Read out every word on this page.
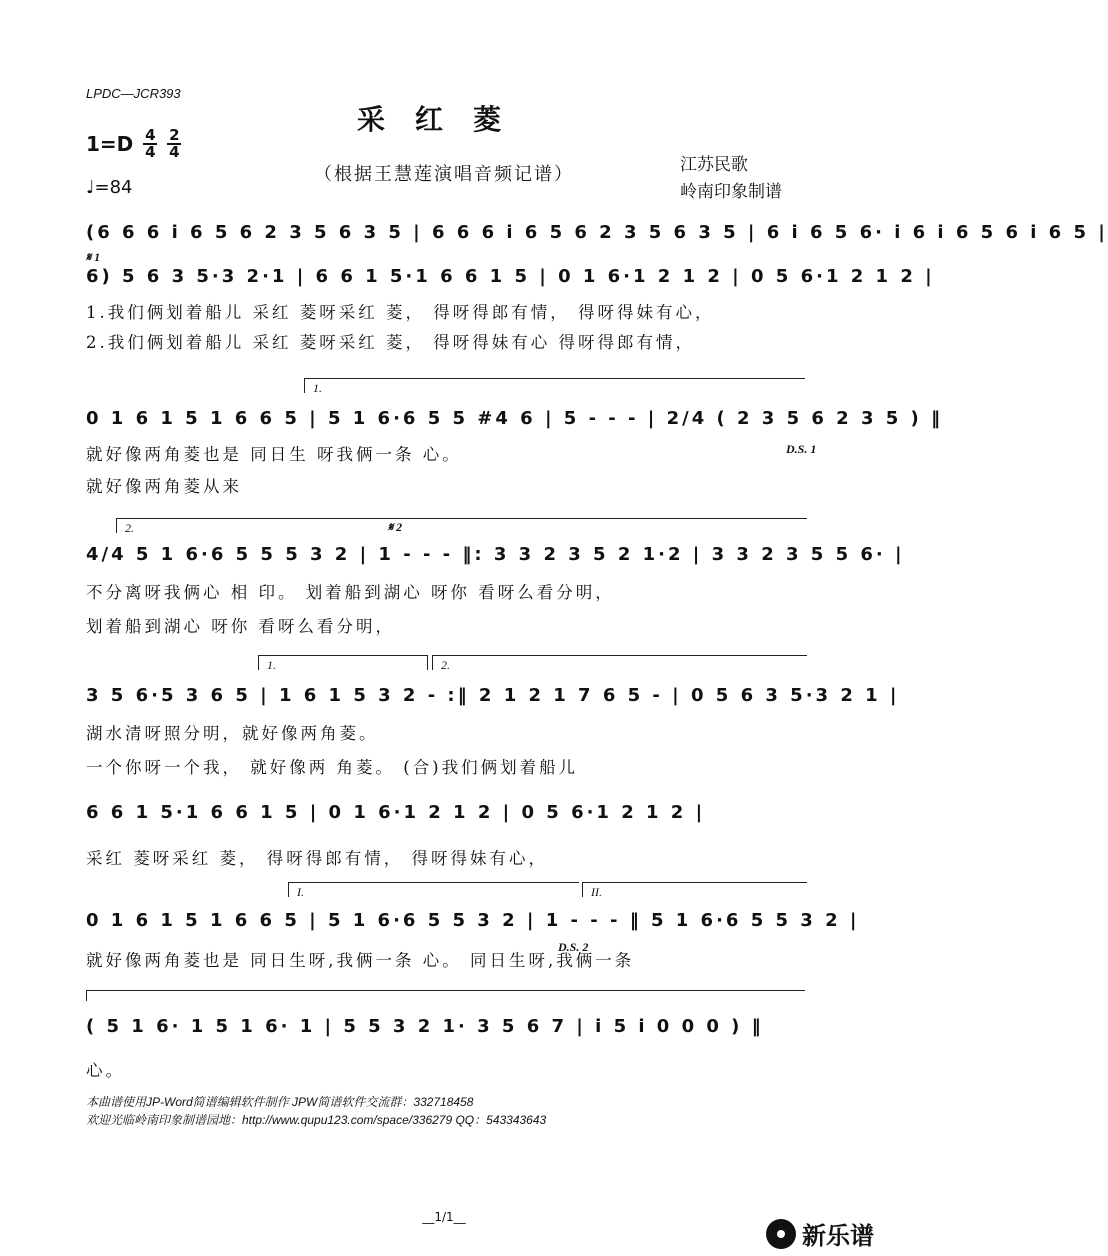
LPDC—JCR393
采红菱
（根据王慧莲演唱音频记谱）
$1=D \frac{4}{4} \frac{2}{4}$
♩=84
江苏民歌
岭南印象制谱
(6 6 6 i 6 5 6 2 3 5 6 3 5 | 6 6 6 i 6 5 6 2 3 5 6 3 5 | 6 i 6 5 6· i 6 i 6 5 6 i 6 5 |
𝄋 1
6) 5 6 3 5·3 2·1 | 6 6 1 5·1 6 6 1 5 | 0 1 6·1 2 1 2 | 0 5 6·1 2 1 2 |
1.我们俩划着船儿 采红 菱呀采红 菱， 得呀得郎有情， 得呀得妹有心，
2.我们俩划着船儿 采红 菱呀采红 菱， 得呀得妹有心 得呀得郎有情，
1.
0 1 6 1 5 1 6 6 5 | 5 1 6·6 5 5 #4 6 | 5 - - - | 2/4 ( 2 3 5 6 2 3 5 ) ‖
D.S. 1
就好像两角菱也是 同日生 呀我俩一条 心。
就好像两角菱从来
2.	𝄋 2
4/4 5 1 6·6 5 5 5 3 2 | 1 - - - ‖: 3 3 2 3 5 2 1·2 | 3 3 2 3 5 5 6· |
不分离呀我俩心 相 印。 划着船到湖心 呀你 看呀么看分明，
划着船到湖心 呀你 看呀么看分明，
1.	2.
3 5 6·5 3 6 5 | 1 6 1 5 3 2 - :‖ 2 1 2 1 7 6 5 - | 0 5 6 3 5·3 2 1 |
湖水清呀照分明，就好像两角菱。
一个你呀一个我， 就好像两 角菱。 (合)我们俩划着船儿
6 6 1 5·1 6 6 1 5 | 0 1 6·1 2 1 2 | 0 5 6·1 2 1 2 |
采红 菱呀采红 菱， 得呀得郎有情， 得呀得妹有心，
I.	II.
0 1 6 1 5 1 6 6 5 | 5 1 6·6 5 5 3 2 | 1 - - - ‖ 5 1 6·6 5 5 3 2 |
D.S. 2
就好像两角菱也是 同日生呀,我俩一条 心。 同日生呀,我俩一条
( 5 1 6· 1 5 1 6· 1 | 5 5 3 2 1· 3 5 6 7 | i 5 i 0 0 0 ) ‖
心。
本曲谱使用JP-Word简谱编辑软件制作 JPW简谱软件交流群：332718458
欢迎光临岭南印象制谱园地：http://www.qupu123.com/space/336279 QQ：543343643
__1/1__
新乐谱
